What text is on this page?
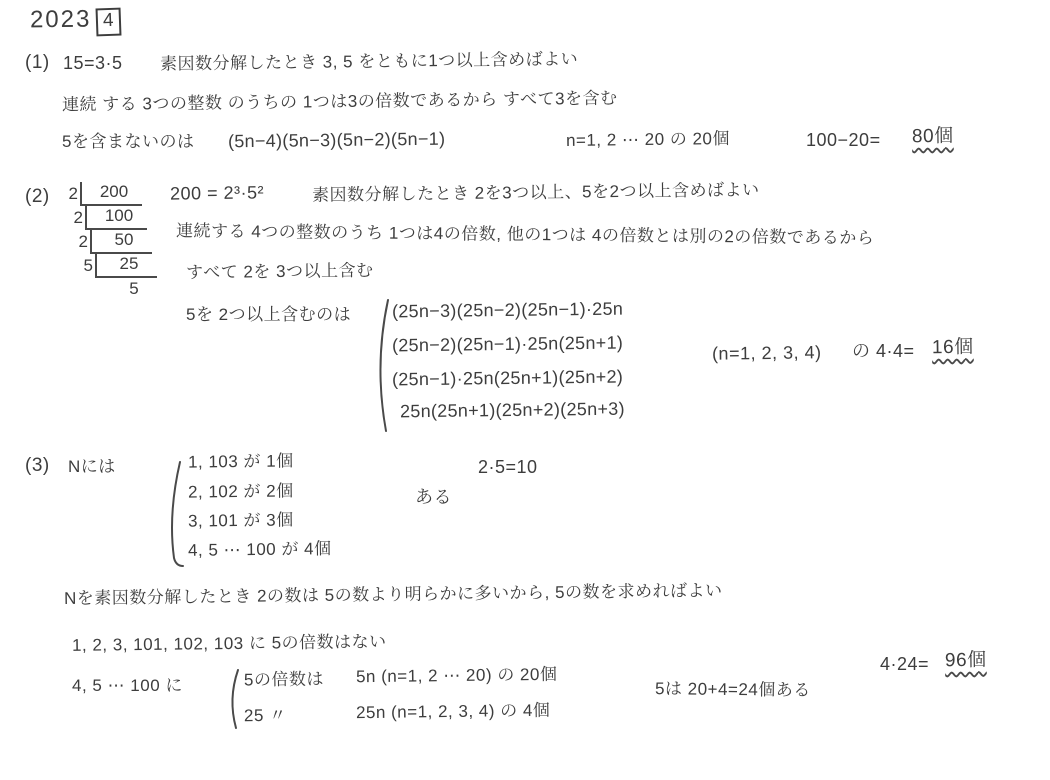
2023 4
(1) 15=3·5 素因数分解したとき 3, 5 をともに1つ以上含めばよい
連続 する 3つの整数 のうちの 1つは3の倍数であるから すべて3を含む
5を含まないのは (5n−4)(5n−3)(5n−2)(5n−1)	n=1, 2 ⋯ 20 の 20個	100−20= 80個
(2)	2	200
2	100
2	50
5	25
5
200 = 2³·5²	素因数分解したとき 2を3つ以上、5を2つ以上含めばよい
連続する 4つの整数のうち 1つは4の倍数, 他の1つは 4の倍数とは別の2の倍数であるから
すべて 2を 3つ以上含む
5を 2つ以上含むのは (25n−3)(25n−2)(25n−1)·25n
(25n−2)(25n−1)·25n(25n+1)
(25n−1)·25n(25n+1)(25n+2)
25n(25n+1)(25n+2)(25n+3)
(n=1, 2, 3, 4) の 4·4= 16個
(3) Nには	1, 103 が 1個
2, 102 が 2個
3, 101 が 3個
4, 5 ⋯ 100 が 4個
ある
2·5=10
Nを素因数分解したとき 2の数は 5の数より明らかに多いから, 5の数を求めればよい
1, 2, 3, 101, 102, 103 に 5の倍数はない
4, 5 ⋯ 100 に	5の倍数は 5n (n=1, 2 ⋯ 20) の 20個
25 〃	25n (n=1, 2, 3, 4) の 4個
5は 20+4=24個ある
4·24= 96個
